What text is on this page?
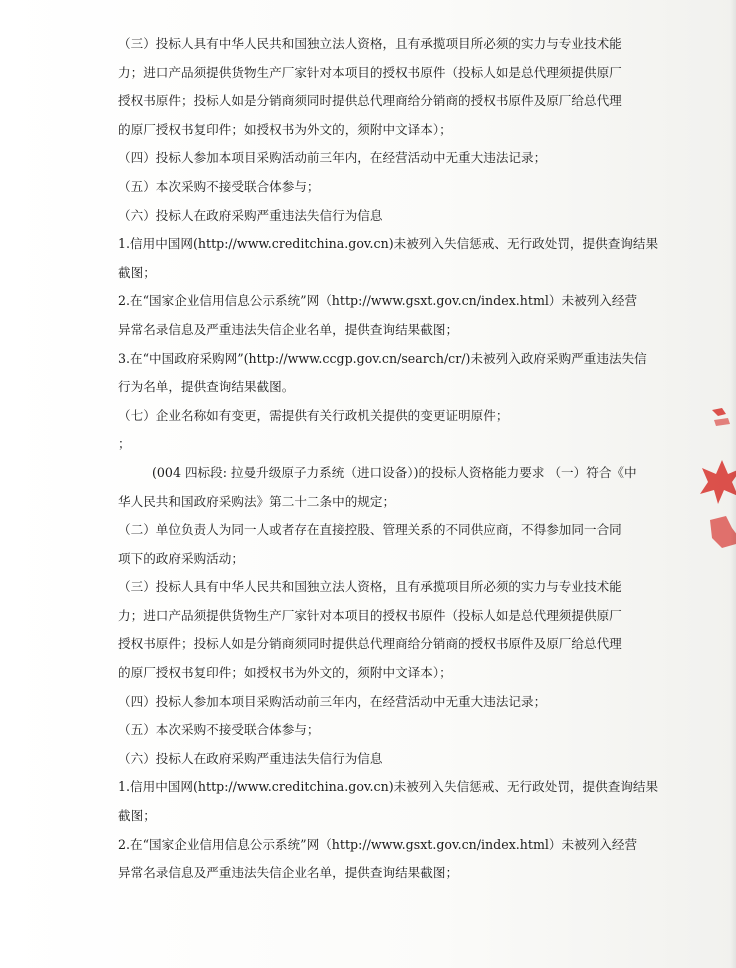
（三）投标人具有中华人民共和国独立法人资格，且有承揽项目所必须的实力与专业技术能
力；进口产品须提供货物生产厂家针对本项目的授权书原件（投标人如是总代理须提供原厂
授权书原件；投标人如是分销商须同时提供总代理商给分销商的授权书原件及原厂给总代理
的原厂授权书复印件；如授权书为外文的，须附中文译本）；
（四）投标人参加本项目采购活动前三年内，在经营活动中无重大违法记录；
（五）本次采购不接受联合体参与；
（六）投标人在政府采购严重违法失信行为信息
1.信用中国网(http://www.creditchina.gov.cn)未被列入失信惩戒、无行政处罚，提供查询结果
截图；
2.在“国家企业信用信息公示系统”网（http://www.gsxt.gov.cn/index.html）未被列入经营
异常名录信息及严重违法失信企业名单，提供查询结果截图；
3.在“中国政府采购网”(http://www.ccgp.gov.cn/search/cr/)未被列入政府采购严重违法失信
行为名单，提供查询结果截图。
（七）企业名称如有变更，需提供有关行政机关提供的变更证明原件；
；
(004 四标段: 拉曼升级原子力系统（进口设备）)的投标人资格能力要求 （一）符合《中
华人民共和国政府采购法》第二十二条中的规定；
（二）单位负责人为同一人或者存在直接控股、管理关系的不同供应商，不得参加同一合同
项下的政府采购活动；
（三）投标人具有中华人民共和国独立法人资格，且有承揽项目所必须的实力与专业技术能
力；进口产品须提供货物生产厂家针对本项目的授权书原件（投标人如是总代理须提供原厂
授权书原件；投标人如是分销商须同时提供总代理商给分销商的授权书原件及原厂给总代理
的原厂授权书复印件；如授权书为外文的，须附中文译本）；
（四）投标人参加本项目采购活动前三年内，在经营活动中无重大违法记录；
（五）本次采购不接受联合体参与；
（六）投标人在政府采购严重违法失信行为信息
1.信用中国网(http://www.creditchina.gov.cn)未被列入失信惩戒、无行政处罚，提供查询结果
截图；
2.在“国家企业信用信息公示系统”网（http://www.gsxt.gov.cn/index.html）未被列入经营
异常名录信息及严重违法失信企业名单，提供查询结果截图；
